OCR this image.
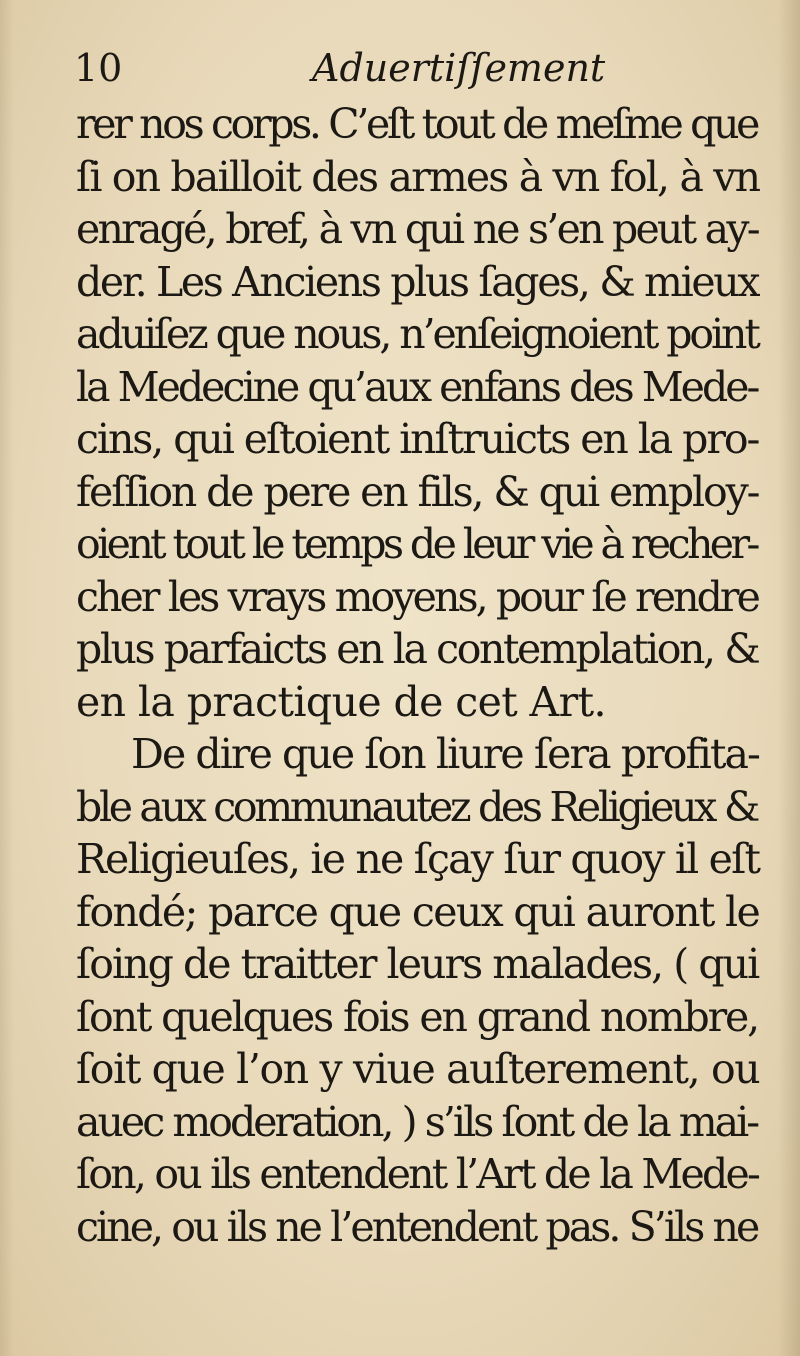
10	Aduertiſſement
rer nos corps. C’eſt tout de meſme que
ſi on bailloit des armes à vn fol, à vn
enragé, bref, à vn qui ne s’en peut ay-
der. Les Anciens plus ſages, & mieux
aduiſez que nous, n’enſeignoient point
la Medecine qu’aux enfans des Mede-
cins, qui eſtoient inſtruicts en la pro-
feſſion de pere en fils, & qui employ-
oient tout le temps de leur vie à recher-
cher les vrays moyens, pour ſe rendre
plus parfaicts en la contemplation, &
en la practique de cet Art.
De dire que ſon liure ſera profita-
ble aux communautez des Religieux &
Religieuſes, ie ne ſçay ſur quoy il eſt
fondé; parce que ceux qui auront le
ſoing de traitter leurs malades, ( qui
ſont quelques fois en grand nombre,
ſoit que l’on y viue auſterement, ou
auec moderation, ) s’ils ſont de la mai-
ſon, ou ils entendent l’Art de la Mede-
cine, ou ils ne l’entendent pas. S’ils ne
